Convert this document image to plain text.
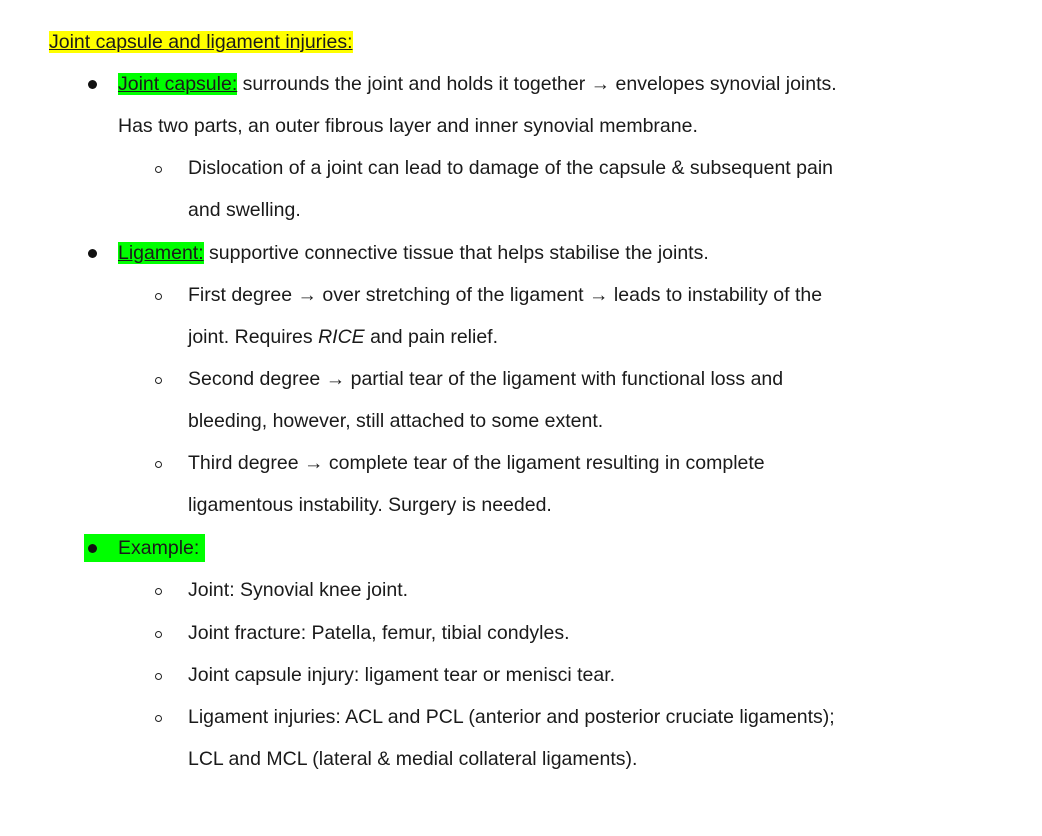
Joint capsule and ligament injuries:
Joint capsule: surrounds the joint and holds it together → envelopes synovial joints.
Has two parts, an outer fibrous layer and inner synovial membrane.
Dislocation of a joint can lead to damage of the capsule & subsequent pain
and swelling.
Ligament: supportive connective tissue that helps stabilise the joints.
First degree → over stretching of the ligament → leads to instability of the
joint. Requires RICE and pain relief.
Second degree → partial tear of the ligament with functional loss and
bleeding, however, still attached to some extent.
Third degree → complete tear of the ligament resulting in complete
ligamentous instability. Surgery is needed.
Example:
Joint: Synovial knee joint.
Joint fracture: Patella, femur, tibial condyles.
Joint capsule injury: ligament tear or menisci tear.
Ligament injuries: ACL and PCL (anterior and posterior cruciate ligaments);
LCL and MCL (lateral & medial collateral ligaments).
